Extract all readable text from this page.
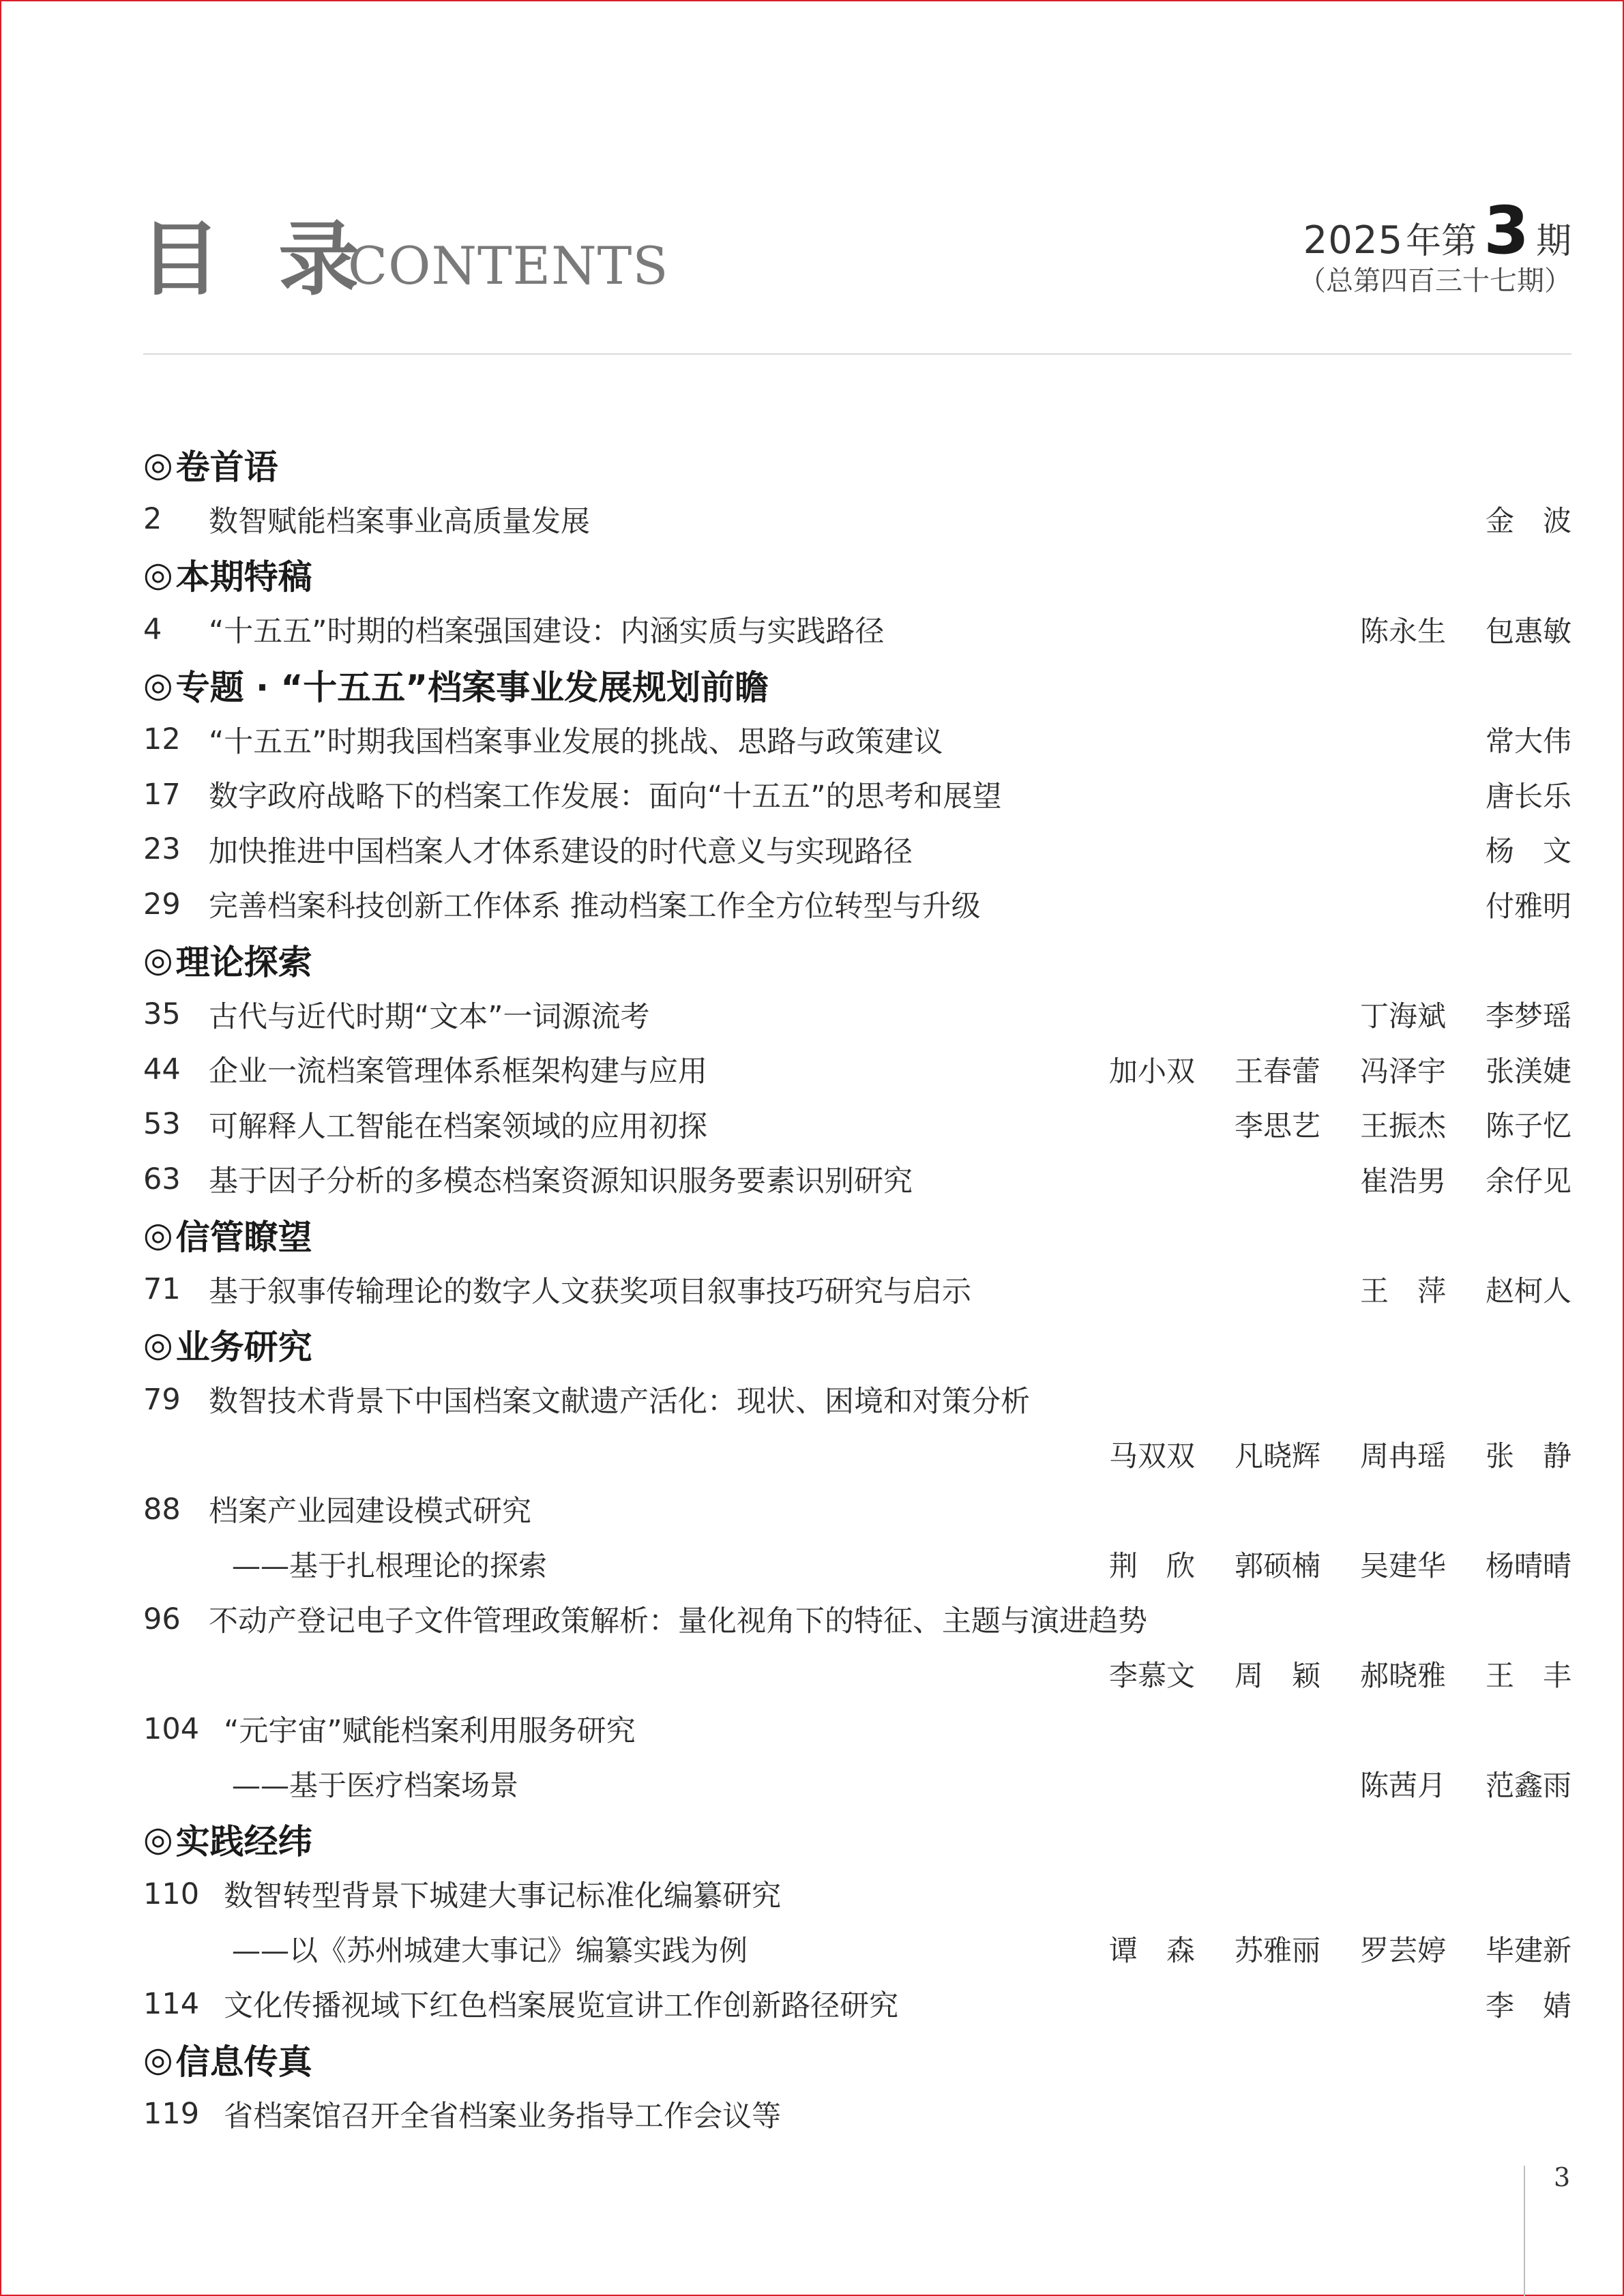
目 录
CONTENTS	2025 年第 3 期
（总第四百三十七期）
◎ 卷首语
2	数智赋能档案事业高质量发展	金　波
◎ 本期特稿
4	“十五五”时期的档案强国建设：内涵实质与实践路径	陈永生	包惠敏
◎ 专题 · “十五五”档案事业发展规划前瞻
12 “十五五”时期我国档案事业发展的挑战、思路与政策建议	常大伟
17 数字政府战略下的档案工作发展：面向“十五五”的思考和展望	唐长乐
23 加快推进中国档案人才体系建设的时代意义与实现路径	杨　文
29 完善档案科技创新工作体系 推动档案工作全方位转型与升级	付雅明
◎ 理论探索
35 古代与近代时期“文本”一词源流考	丁海斌	李梦瑶
44 企业一流档案管理体系框架构建与应用	加小双	王春蕾	冯泽宇	张渼婕
53 可解释人工智能在档案领域的应用初探	李思艺	王振杰	陈子忆
63 基于因子分析的多模态档案资源知识服务要素识别研究	崔浩男	余仔见
◎ 信管瞭望
71 基于叙事传输理论的数字人文获奖项目叙事技巧研究与启示	王　萍	赵柯人
◎ 业务研究
79 数智技术背景下中国档案文献遗产活化：现状、困境和对策分析
马双双	凡晓辉	周冉瑶	张　静
88 档案产业园建设模式研究
——基于扎根理论的探索	荆　欣	郭硕楠	吴建华	杨晴晴
96 不动产登记电子文件管理政策解析：量化视角下的特征、主题与演进趋势
李慕文	周　颖	郝晓雅	王　丰
104 “元宇宙”赋能档案利用服务研究
——基于医疗档案场景	陈茜月	范鑫雨
◎ 实践经纬
110 数智转型背景下城建大事记标准化编纂研究
——以《苏州城建大事记》编纂实践为例	谭　森	苏雅丽	罗芸婷	毕建新
114 文化传播视域下红色档案展览宣讲工作创新路径研究	李　婧
◎ 信息传真
119 省档案馆召开全省档案业务指导工作会议等
3
